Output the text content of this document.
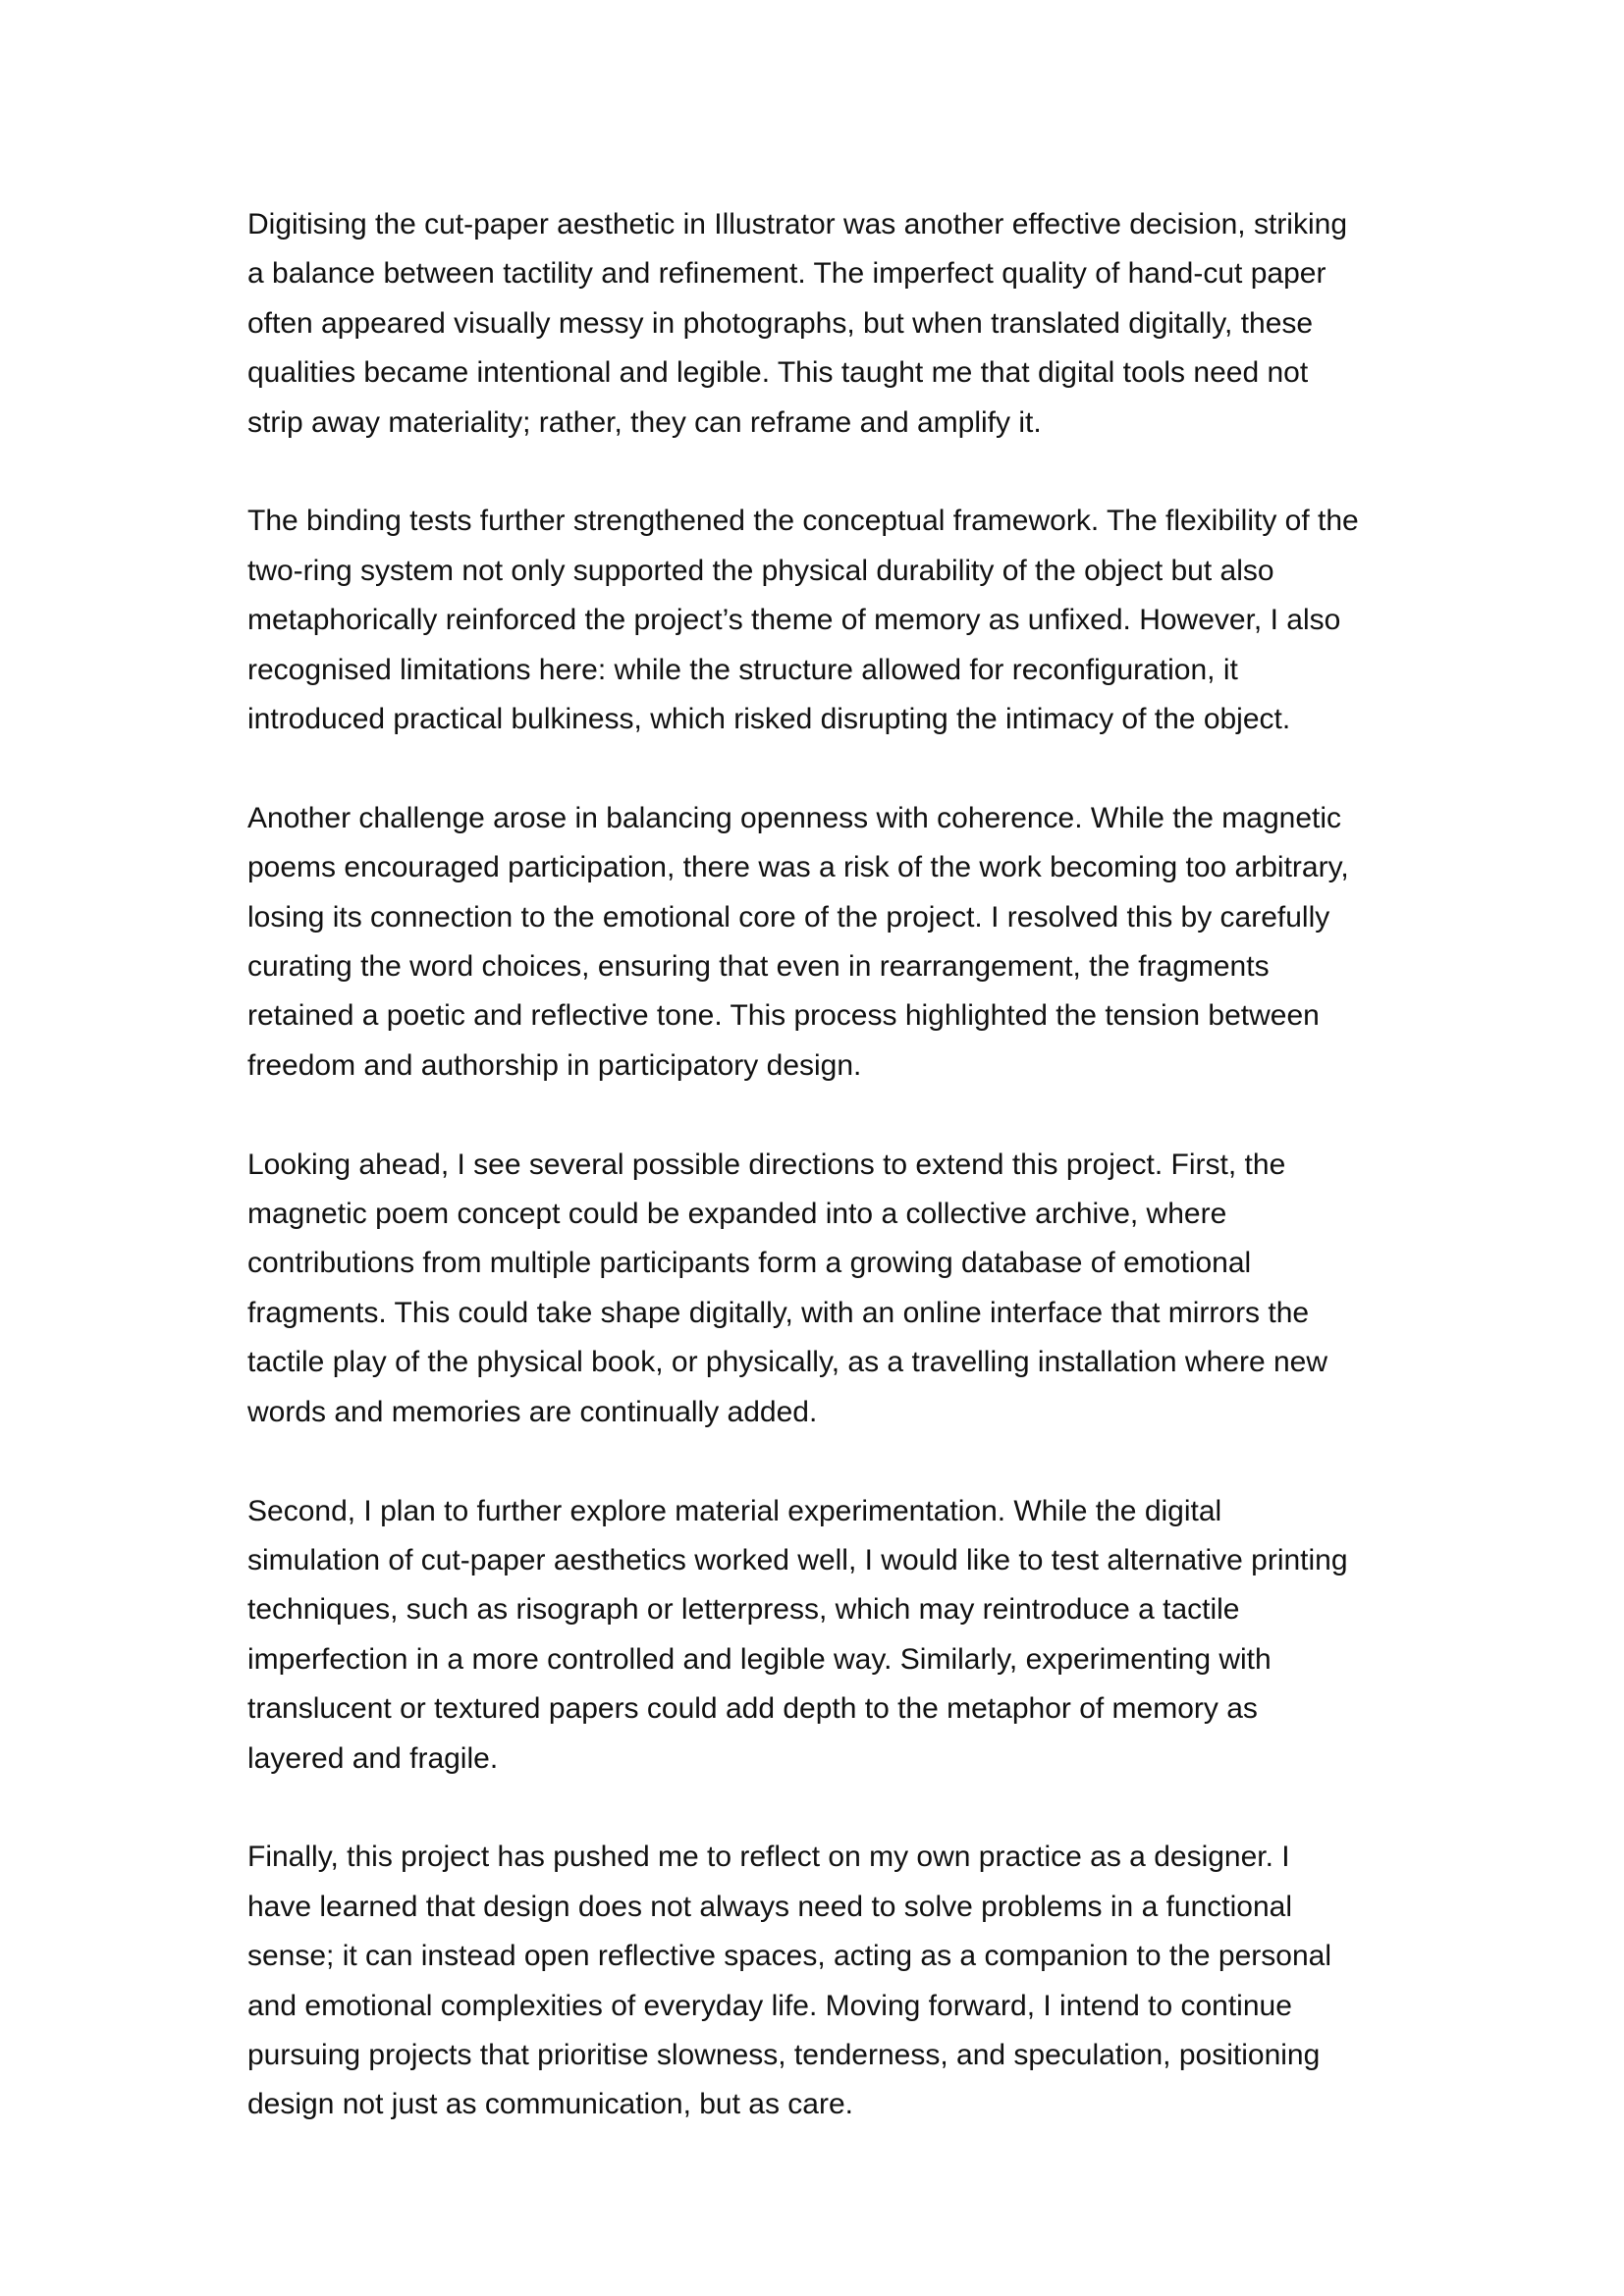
Digitising the cut-paper aesthetic in Illustrator was another effective decision, striking
a balance between tactility and refinement. The imperfect quality of hand-cut paper
often appeared visually messy in photographs, but when translated digitally, these
qualities became intentional and legible. This taught me that digital tools need not
strip away materiality; rather, they can reframe and amplify it.

The binding tests further strengthened the conceptual framework. The flexibility of the
two-ring system not only supported the physical durability of the object but also
metaphorically reinforced the project’s theme of memory as unfixed. However, I also
recognised limitations here: while the structure allowed for reconfiguration, it
introduced practical bulkiness, which risked disrupting the intimacy of the object.

Another challenge arose in balancing openness with coherence. While the magnetic
poems encouraged participation, there was a risk of the work becoming too arbitrary,
losing its connection to the emotional core of the project. I resolved this by carefully
curating the word choices, ensuring that even in rearrangement, the fragments
retained a poetic and reflective tone. This process highlighted the tension between
freedom and authorship in participatory design.

Looking ahead, I see several possible directions to extend this project. First, the
magnetic poem concept could be expanded into a collective archive, where
contributions from multiple participants form a growing database of emotional
fragments. This could take shape digitally, with an online interface that mirrors the
tactile play of the physical book, or physically, as a travelling installation where new
words and memories are continually added.

Second, I plan to further explore material experimentation. While the digital
simulation of cut-paper aesthetics worked well, I would like to test alternative printing
techniques, such as risograph or letterpress, which may reintroduce a tactile
imperfection in a more controlled and legible way. Similarly, experimenting with
translucent or textured papers could add depth to the metaphor of memory as
layered and fragile.

Finally, this project has pushed me to reflect on my own practice as a designer. I
have learned that design does not always need to solve problems in a functional
sense; it can instead open reflective spaces, acting as a companion to the personal
and emotional complexities of everyday life. Moving forward, I intend to continue
pursuing projects that prioritise slowness, tenderness, and speculation, positioning
design not just as communication, but as care.
